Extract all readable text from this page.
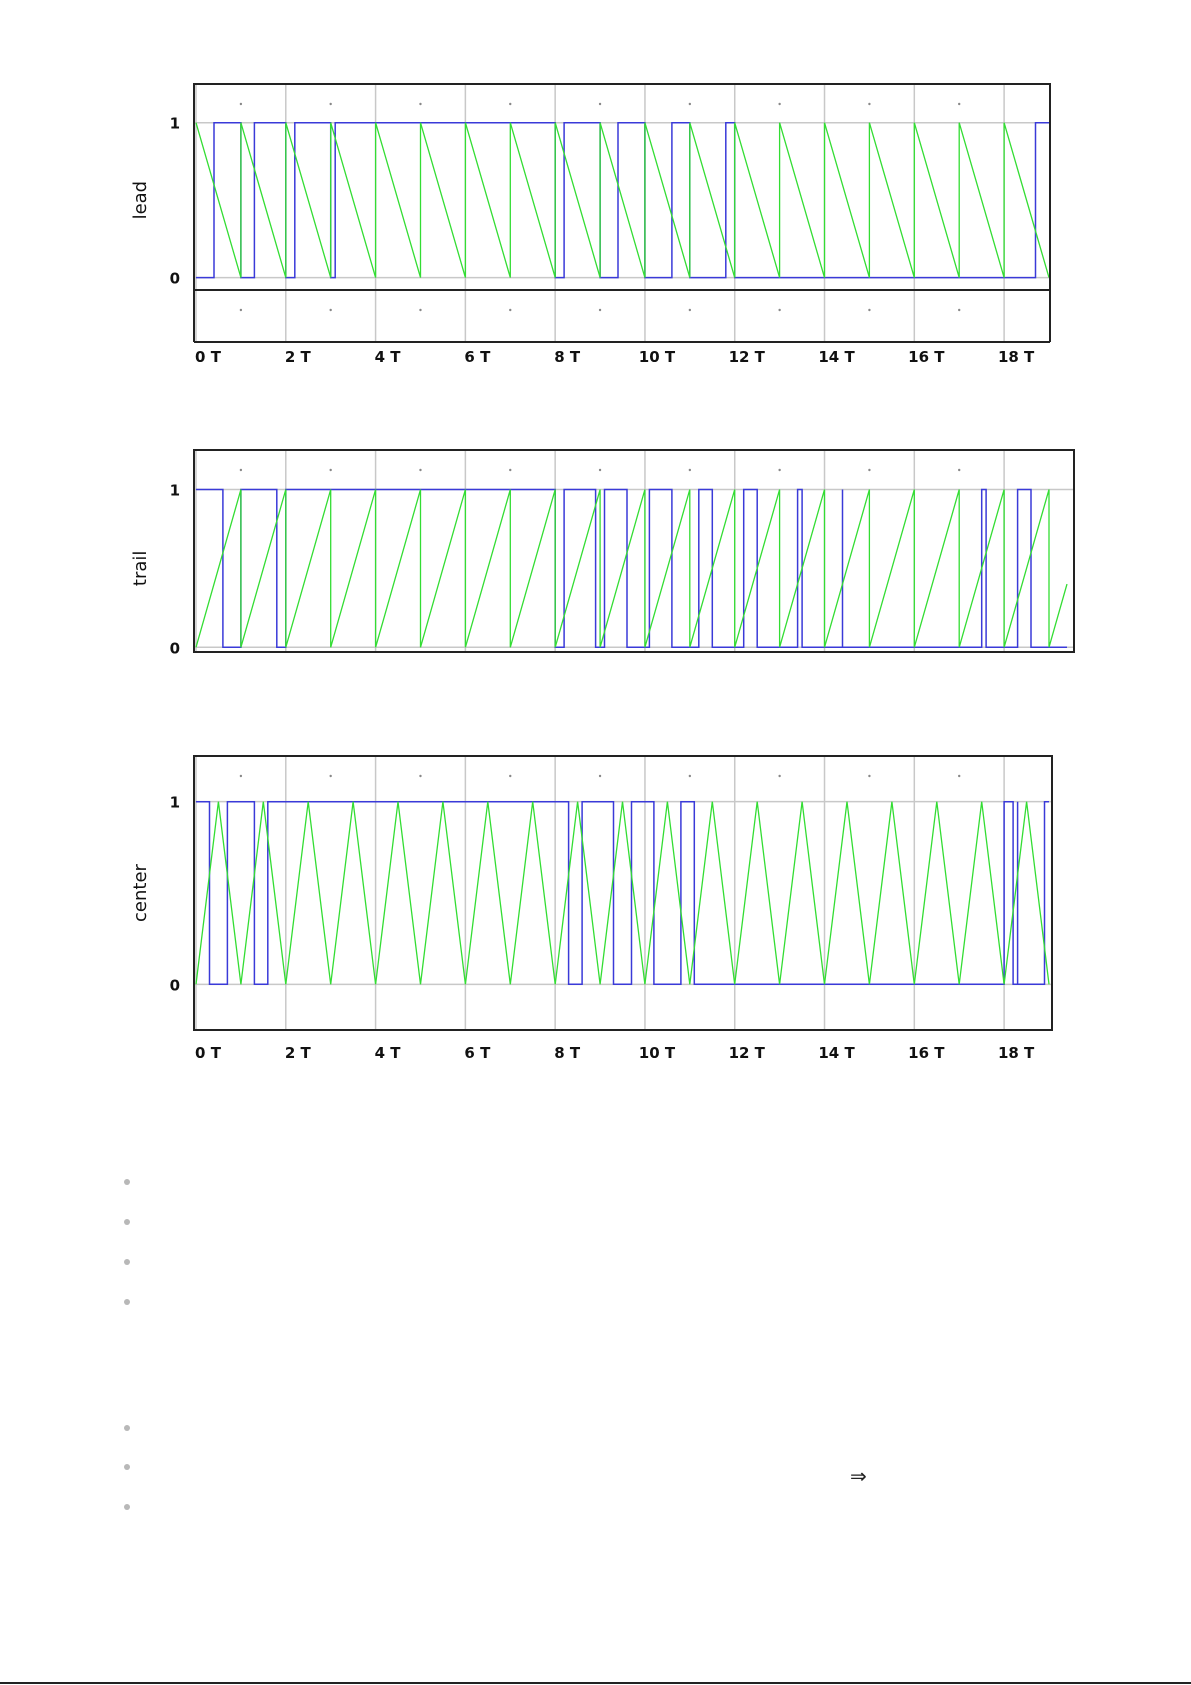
0
1
0 T	2 T	4 T	6 T	8 T	10 T	12 T	14 T	16 T	18 T
lead
0
1
trail
0
1
0 T	2 T	4 T	6 T	8 T	10 T	12 T	14 T	16 T	18 T
center
⇒
